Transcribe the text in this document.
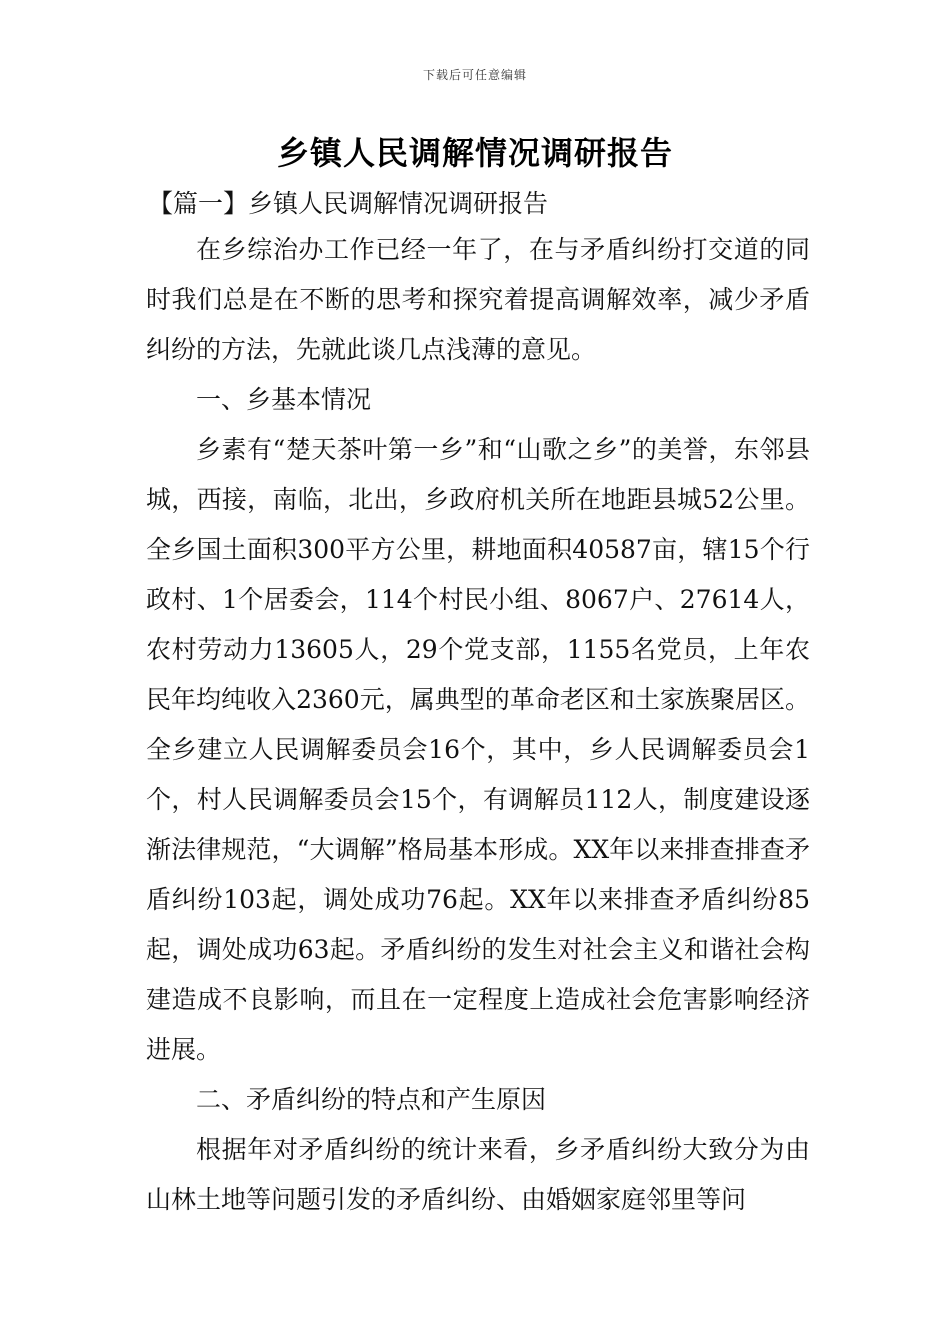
下载后可任意编辑
乡镇人民调解情况调研报告
【篇一】乡镇人民调解情况调研报告

在乡综治办工作已经一年了，在与矛盾纠纷打交道的同时我们总是在不断的思考和探究着提高调解效率，减少矛盾纠纷的方法，先就此谈几点浅薄的意见。

一、乡基本情况

乡素有“楚天茶叶第一乡”和“山歌之乡”的美誉，东邻县城，西接，南临，北出，乡政府机关所在地距县城52公里。全乡国土面积300平方公里，耕地面积40587亩，辖15个行政村、1个居委会，114个村民小组、8067户、27614人，农村劳动力13605人，29个党支部，1155名党员，上年农民年均纯收入2360元，属典型的革命老区和土家族聚居区。全乡建立人民调解委员会16个，其中，乡人民调解委员会1个，村人民调解委员会15个，有调解员112人，制度建设逐渐法律规范，“大调解”格局基本形成。XX年以来排查排查矛盾纠纷103起，调处成功76起。XX年以来排查矛盾纠纷85起，调处成功63起。矛盾纠纷的发生对社会主义和谐社会构建造成不良影响，而且在一定程度上造成社会危害影响经济进展。

二、矛盾纠纷的特点和产生原因

根据年对矛盾纠纷的统计来看，乡矛盾纠纷大致分为由山林土地等问题引发的矛盾纠纷、由婚姻家庭邻里等问
